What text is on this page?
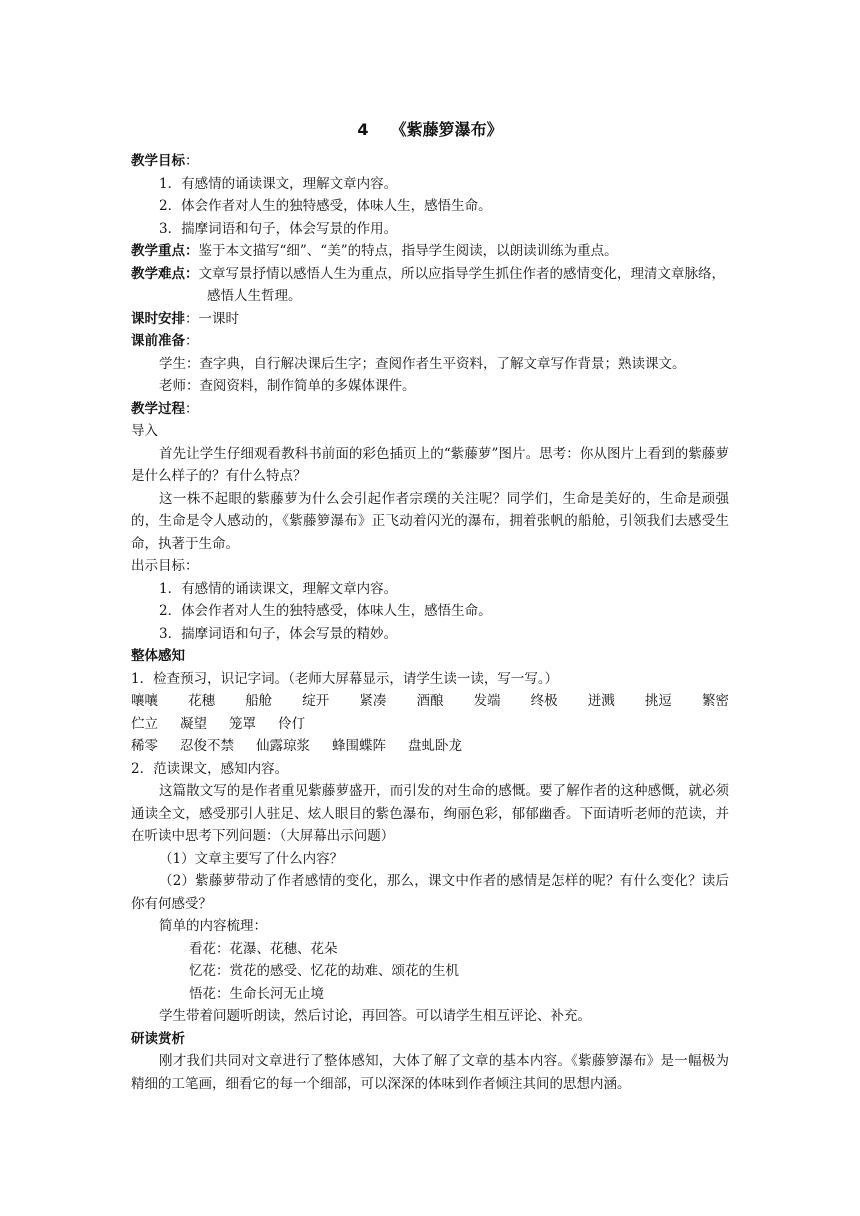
4 《紫藤箩瀑布》

教学目标：

1．有感情的诵读课文，理解文章内容。

2．体会作者对人生的独特感受，体味人生，感悟生命。

3．揣摩词语和句子，体会写景的作用。

教学重点：鉴于本文描写“细”、“美”的特点，指导学生阅读，以朗读训练为重点。

教学难点：文章写景抒情以感悟人生为重点，所以应指导学生抓住作者的感情变化，理清文章脉络，感悟人生哲理。

课时安排：一课时

课前准备：

学生：查字典，自行解决课后生字；查阅作者生平资料，了解文章写作背景；熟读课文。

老师：查阅资料，制作简单的多媒体课件。

教学过程：

导入

首先让学生仔细观看教科书前面的彩色插页上的“紫藤萝”图片。思考：你从图片上看到的紫藤萝是什么样子的？有什么特点？

这一株不起眼的紫藤萝为什么会引起作者宗璞的关注呢？同学们，生命是美好的，生命是顽强的，生命是令人感动的，《紫藤箩瀑布》正飞动着闪光的瀑布，拥着张帆的船舱，引领我们去感受生命，执著于生命。

出示目标：

1．有感情的诵读课文，理解文章内容。

2．体会作者对人生的独特感受，体味人生，感悟生命。

3．揣摩词语和句子，体会写景的精妙。

整体感知

1．检查预习，识记字词。（老师大屏幕显示，请学生读一读，写一写。）

嚷嚷 花穗 船舱 绽开 紧凑 酒酿 发端 终极 迸溅 挑逗 繁密
伫立 凝望 笼罩 伶仃
稀零 忍俊不禁 仙露琼浆 蜂围蝶阵 盘虬卧龙

2．范读课文，感知内容。

这篇散文写的是作者重见紫藤萝盛开，而引发的对生命的感慨。要了解作者的这种感慨，就必须通读全文，感受那引人驻足、炫人眼目的紫色瀑布，绚丽色彩，郁郁幽香。下面请听老师的范读，并在听读中思考下列问题：（大屏幕出示问题）

（1）文章主要写了什么内容？

（2）紫藤萝带动了作者感情的变化，那么，课文中作者的感情是怎样的呢？有什么变化？读后你有何感受？

简单的内容梳理：

看花：花瀑、花穗、花朵

忆花：赏花的感受、忆花的劫难、颂花的生机

悟花：生命长河无止境

学生带着问题听朗读，然后讨论，再回答。可以请学生相互评论、补充。

研读赏析

刚才我们共同对文章进行了整体感知，大体了解了文章的基本内容。《紫藤箩瀑布》是一幅极为精细的工笔画，细看它的每一个细部，可以深深的体味到作者倾注其间的思想内涵。
